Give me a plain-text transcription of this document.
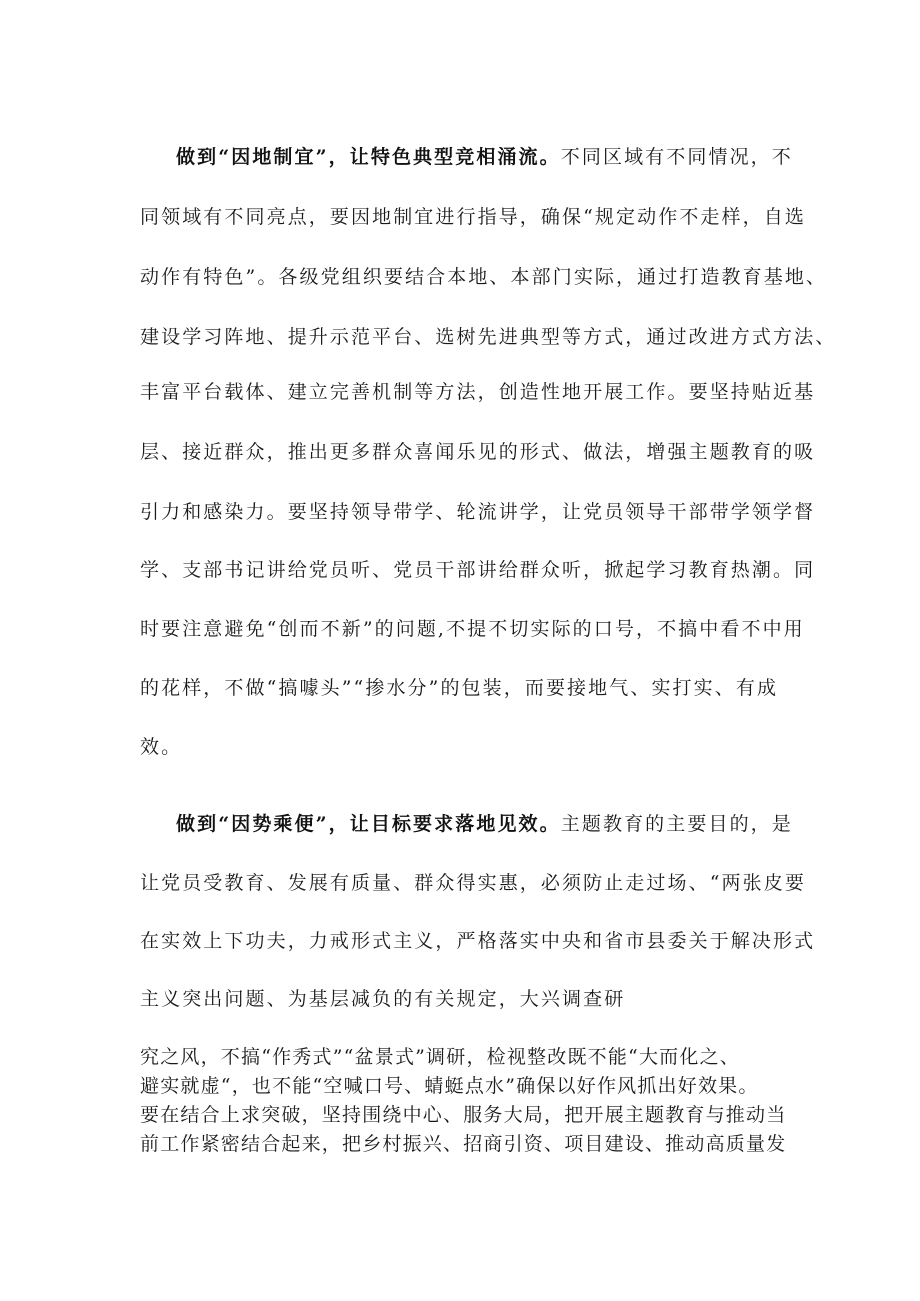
做到“因地制宜”，让特色典型竞相涌流。不同区域有不同情况，不
同领域有不同亮点，要因地制宜进行指导，确保“规定动作不走样，自选
动作有特色”。各级党组织要结合本地、本部门实际，通过打造教育基地、
建设学习阵地、提升示范平台、选树先进典型等方式，通过改进方式方法、
丰富平台载体、建立完善机制等方法，创造性地开展工作。要坚持贴近基
层、接近群众，推出更多群众喜闻乐见的形式、做法，增强主题教育的吸
引力和感染力。要坚持领导带学、轮流讲学，让党员领导干部带学领学督
学、支部书记讲给党员听、党员干部讲给群众听，掀起学习教育热潮。同
时要注意避免“创而不新”的问题,不提不切实际的口号，不搞中看不中用
的花样，不做“搞噱头”“掺水分”的包装，而要接地气、实打实、有成
效。
做到“因势乘便”，让目标要求落地见效。主题教育的主要目的，是
让党员受教育、发展有质量、群众得实惠，必须防止走过场、“两张皮要
在实效上下功夫，力戒形式主义，严格落实中央和省市县委关于解决形式
主义突出问题、为基层减负的有关规定，大兴调查研
究之风，不搞“作秀式”“盆景式”调研，检视整改既不能“大而化之、
避实就虚“，也不能“空喊口号、蜻蜓点水”确保以好作风抓出好效果。
要在结合上求突破，坚持围绕中心、服务大局，把开展主题教育与推动当
前工作紧密结合起来，把乡村振兴、招商引资、项目建设、推动高质量发
